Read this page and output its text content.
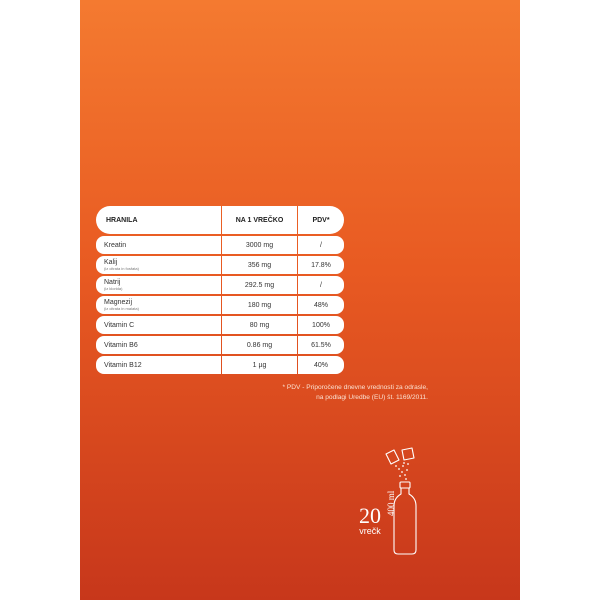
HRANILA	NA 1 VREČKO	PDV*
Kreatin	3000 mg	/
Kalij
(iz citrata in fosfata)	356 mg	17.8%
Natrij
(iz klorida)	292.5 mg	/
Magnezij
(iz citrata in malata)	180 mg	48%
Vitamin C	80 mg	100%
Vitamin B6	0.86 mg	61.5%
Vitamin B12	1 µg	40%
* PDV - Priporočene dnevne vrednosti za odrasle,
na podlagi Uredbe (EU) št. 1169/2011.
400 ml
20
vrečk
